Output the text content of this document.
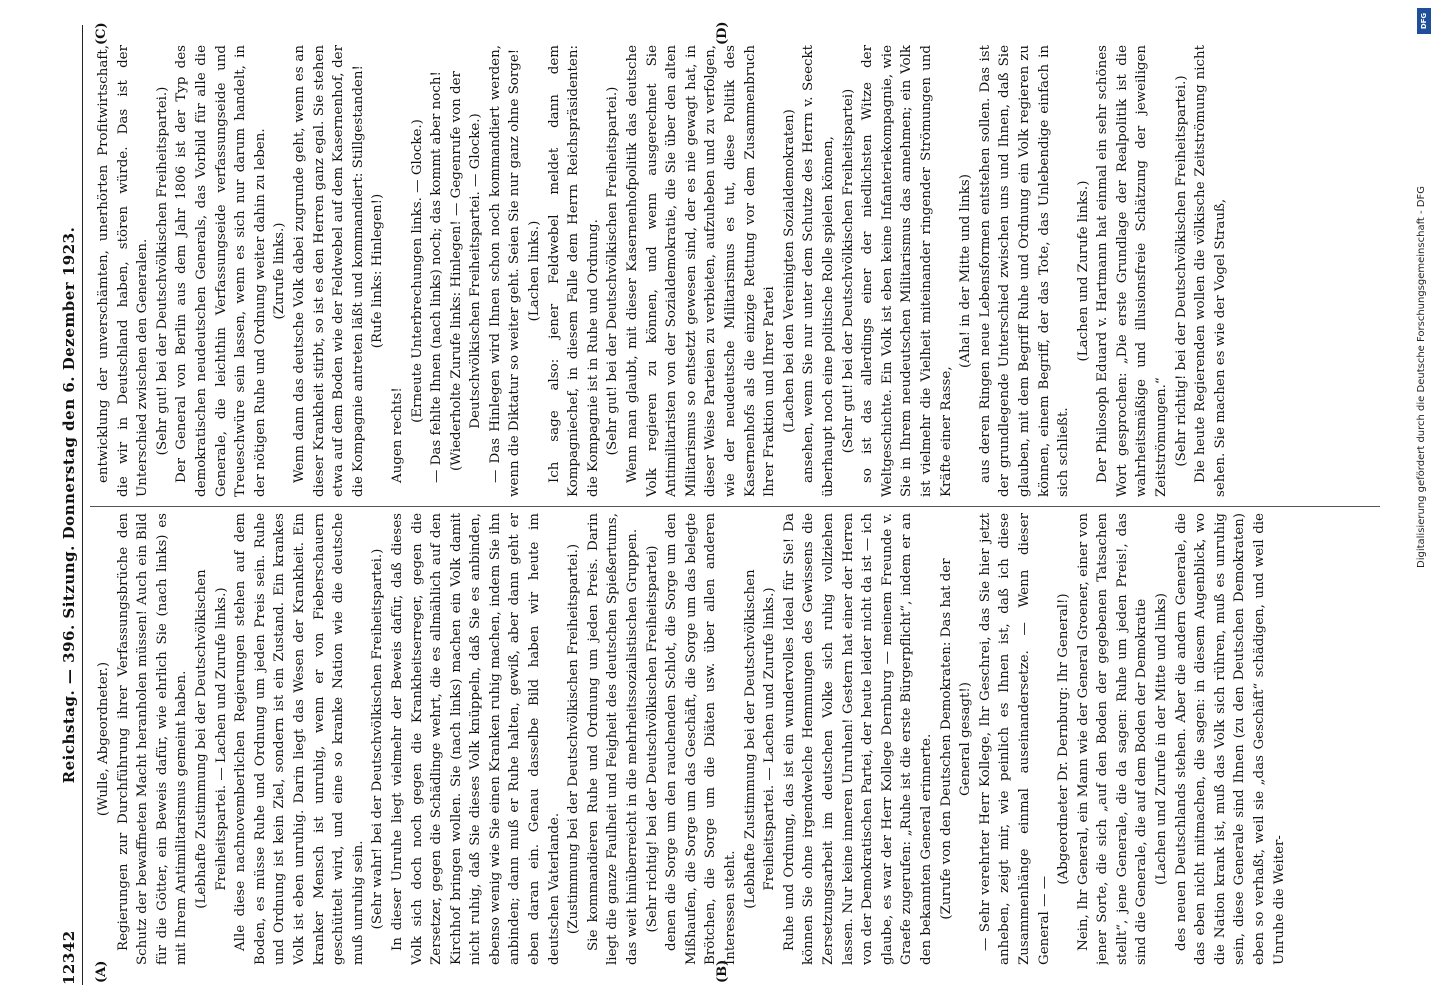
12342
Reichstag. — 396. Sitzung. Donnerstag den 6. Dezember 1923.
(A)	(B)
(C)	(D)

(Wulle, Abgeordneter.) Regierungen zur Durchführung ihrer Verfassungsbrüche den Schutz der bewaffneten Macht heranholen müssen! Auch ein Bild für die Götter, ein Beweis dafür, wie ehrlich Sie (nach links) es mit Ihrem Antimilitarismus gemeint haben. (Lebhafte Zustimmung bei der Deutschvölkischen Freiheitspartei. — Lachen und Zurufe links.) Alle diese nachnovemberlichen Regierungen stehen auf dem Boden, es müsse Ruhe und Ordnung um jeden Preis sein. Ruhe und Ordnung ist kein Ziel, sondern ist ein Zustand. Ein krankes Volk ist eben unruhig. Darin liegt das Wesen der Krankheit. Ein kranker Mensch ist unruhig, wenn er von Fieberschauern geschüttelt wird, und eine so kranke Nation wie die deutsche muß unruhig sein. (Sehr wahr! bei der Deutschvölkischen Freiheitspartei.) In dieser Unruhe liegt vielmehr der Beweis dafür, daß dieses Volk sich doch noch gegen die Krankheitserreger, gegen die Zersetzer, gegen die Schädlinge wehrt, die es allmählich auf den Kirchhof bringen wollen. Sie (nach links) machen ein Volk damit nicht ruhig, daß Sie dieses Volk knüppeln, daß Sie es anbinden, ebenso wenig wie Sie einen Kranken ruhig machen, indem Sie ihn anbinden; dann muß er Ruhe halten, gewiß, aber dann geht er eben daran ein. Genau dasselbe Bild haben wir heute im deutschen Vaterlande. (Zustimmung bei der Deutschvölkischen Freiheitspartei.) Sie kommandieren Ruhe und Ordnung um jeden Preis. Darin liegt die ganze Faulheit und Feigheit des deutschen Spießertums, das weit hinüberreicht in die mehrheitssozialistischen Gruppen. (Sehr richtig! bei der Deutschvölkischen Freiheitspartei) denen die Sorge um den rauchenden Schlot, die Sorge um den Mißhaufen, die Sorge um das Geschäft, die Sorge um das belegte Brötchen, die Sorge um die Diäten usw. über allen anderen Interessen steht. (Lebhafte Zustimmung bei der Deutschvölkischen Freiheitspartei. — Lachen und Zurufe links.) Ruhe und Ordnung, das ist ein wundervolles Ideal für Sie! Da können Sie ohne irgendwelche Hemmungen des Gewissens die Zersetzungsarbeit im deutschen Volke sich ruhig vollziehen lassen. Nur keine inneren Unruhen! Gestern hat einer der Herren von der Demokratischen Partei, der heute leider nicht da ist — ich glaube, es war der Herr Kollege Dernburg — meinem Freunde v. Graefe zugerufen: „Ruhe ist die erste Bürgerpflicht“, indem er an den bekannten General erinnerte. (Zurufe von den Deutschen Demokraten: Das hat der General gesagt!) — Sehr verehrter Herr Kollege, Ihr Geschrei, das Sie hier jetzt anheben, zeigt mir, wie peinlich es Ihnen ist, daß ich diese Zusammenhänge einmal auseinandersetze. — Wenn dieser General — —

(Abgeordneter Dr. Dernburg: Ihr General!) Nein, Ihr General, ein Mann wie der General Groener, einer von jener Sorte, die sich „auf den Boden der gegebenen Tatsachen stellt“, jene Generale, die da sagen: Ruhe um jeden Preis!, das sind die Generale, die auf dem Boden der Demokratie (Lachen und Zurufe in der Mitte und links) des neuen Deutschlands stehen. Aber die andern Generale, die das eben nicht mitmachen, die sagen: in diesem Augenblick, wo die Nation krank ist, muß das Volk sich rühren, muß es unruhig sein, diese Generale sind Ihnen (zu den Deutschen Demokraten) eben so verhaßt, weil sie „das Geschäft“ schädigen, und weil die Unruhe die Weiter-

entwicklung der unverschämten, unerhörten Profitwirtschaft, die wir in Deutschland haben, stören würde. Das ist der Unterschied zwischen den Generalen. (Sehr gut! bei der Deutschvölkischen Freiheitspartei.) Der General von Berlin aus dem Jahr 1806 ist der Typ des demokratischen neudeutschen Generals, das Vorbild für alle die Generale, die leichthin Verfassungseide verfassungseide und Treueschwüre sein lassen, wenn es sich nur darum handelt, in der nötigen Ruhe und Ordnung weiter dahin zu leben. (Zurufe links.) Wenn dann das deutsche Volk dabei zugrunde geht, wenn es an dieser Krankheit stirbt, so ist es den Herren ganz egal. Sie stehen etwa auf dem Boden wie der Feldwebel auf dem Kasernenhof, der die Kompagnie antreten läßt und kommandiert: Stillgestanden! (Rufe links: Hinlegen!)

Augen rechts!

(Erneute Unterbrechungen links. — Glocke.) — Das fehlte Ihnen (nach links) noch; das kommt aber noch! (Wiederholte Zurufe links: Hinlegen! — Gegenrufe von der Deutschvölkischen Freiheitspartei. — Glocke.) — Das Hinlegen wird Ihnen schon noch kommandiert werden, wenn die Diktatur so weiter geht. Seien Sie nur ganz ohne Sorge! (Lachen links.) Ich sage also: jener Feldwebel meldet dann dem Kompagniechef, in diesem Falle dem Herrn Reichspräsidenten: die Kompagnie ist in Ruhe und Ordnung. (Sehr gut! bei der Deutschvölkischen Freiheitspartei.) Wenn man glaubt, mit dieser Kasernenhofpolitik das deutsche Volk regieren zu können, und wenn ausgerechnet Sie Antimilitaristen von der Sozialdemokratie, die Sie über den alten Militarismus so entsetzt gewesen sind, der es nie gewagt hat, in dieser Weise Parteien zu verbieten, aufzuheben und zu verfolgen, wie der neudeutsche Militarismus es tut, diese Politik des Kasernenhofs als die einzige Rettung vor dem Zusammenbruch Ihrer Fraktion und Ihrer Partei (Lachen bei den Vereinigten Sozialdemokraten) ansehen, wenn Sie nur unter dem Schutze des Herrn v. Seeckt überhaupt noch eine politische Rolle spielen können, (Sehr gut! bei der Deutschvölkischen Freiheitspartei) so ist das allerdings einer der niedlichsten Witze der Weltgeschichte. Ein Volk ist eben keine Infanteriekompagnie, wie Sie in Ihrem neudeutschen Militarismus das annehmen; ein Volk ist vielmehr die Vielheit miteinander ringender Strömungen und Kräfte einer Rasse,

(Aha! in der Mitte und links) aus deren Ringen neue Lebensformen entstehen sollen. Das ist der grundlegende Unterschied zwischen uns und Ihnen, daß Sie glauben, mit dem Begriff Ruhe und Ordnung ein Volk regieren zu können, einem Begriff, der das Tote, das Unlebendige einfach in sich schließt.

(Lachen und Zurufe links.) Der Philosoph Eduard v. Hartmann hat einmal ein sehr schönes Wort gesprochen: „Die erste Grundlage der Realpolitik ist die wahrheitsmäßige und illusionsfreie Schätzung der jeweiligen Zeitströmungen.“ (Sehr richtig! bei der Deutschvölkischen Freiheitspartei.) Die heute Regierenden wollen die völkische Zeitströmung nicht sehen. Sie machen es wie der Vogel Strauß,

DFG
Digitalisierung gefördert durch die Deutsche Forschungsgemeinschaft - DFG
